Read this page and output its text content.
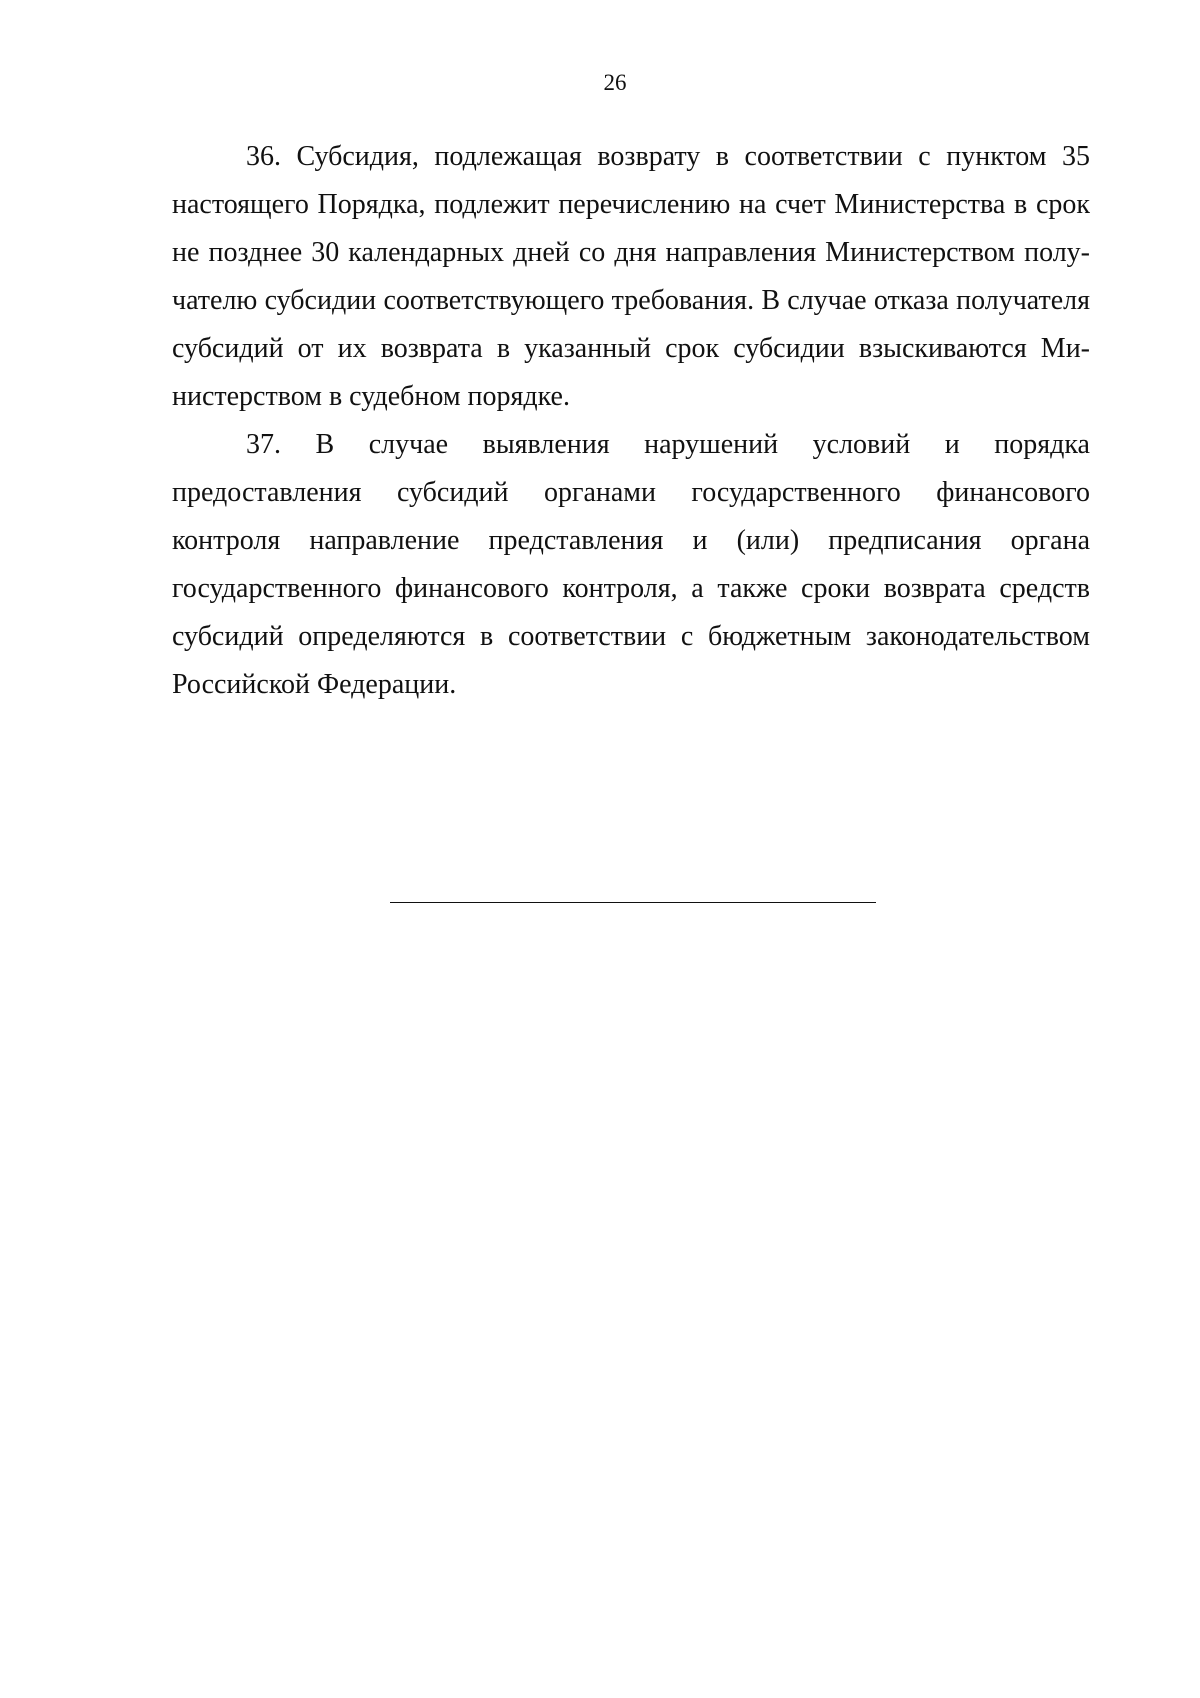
26

36. Субсидия, подлежащая возврату в соответствии с пунктом 35 настоящего Порядка, подлежит перечислению на счет Министерства в срок не позднее 30 календарных дней со дня направления Министерством получателю субсидии соответствующего требования. В случае отказа получателя субсидий от их возврата в указанный срок субсидии взыскиваются Министерством в судебном порядке.

37. В случае выявления нарушений условий и порядка предоставления субсидий органами государственного финансового контроля направление представления и (или) предписания органа государственного финансового контроля, а также сроки возврата средств субсидий определяются в соответствии с бюджетным законодательством Российской Федерации.
